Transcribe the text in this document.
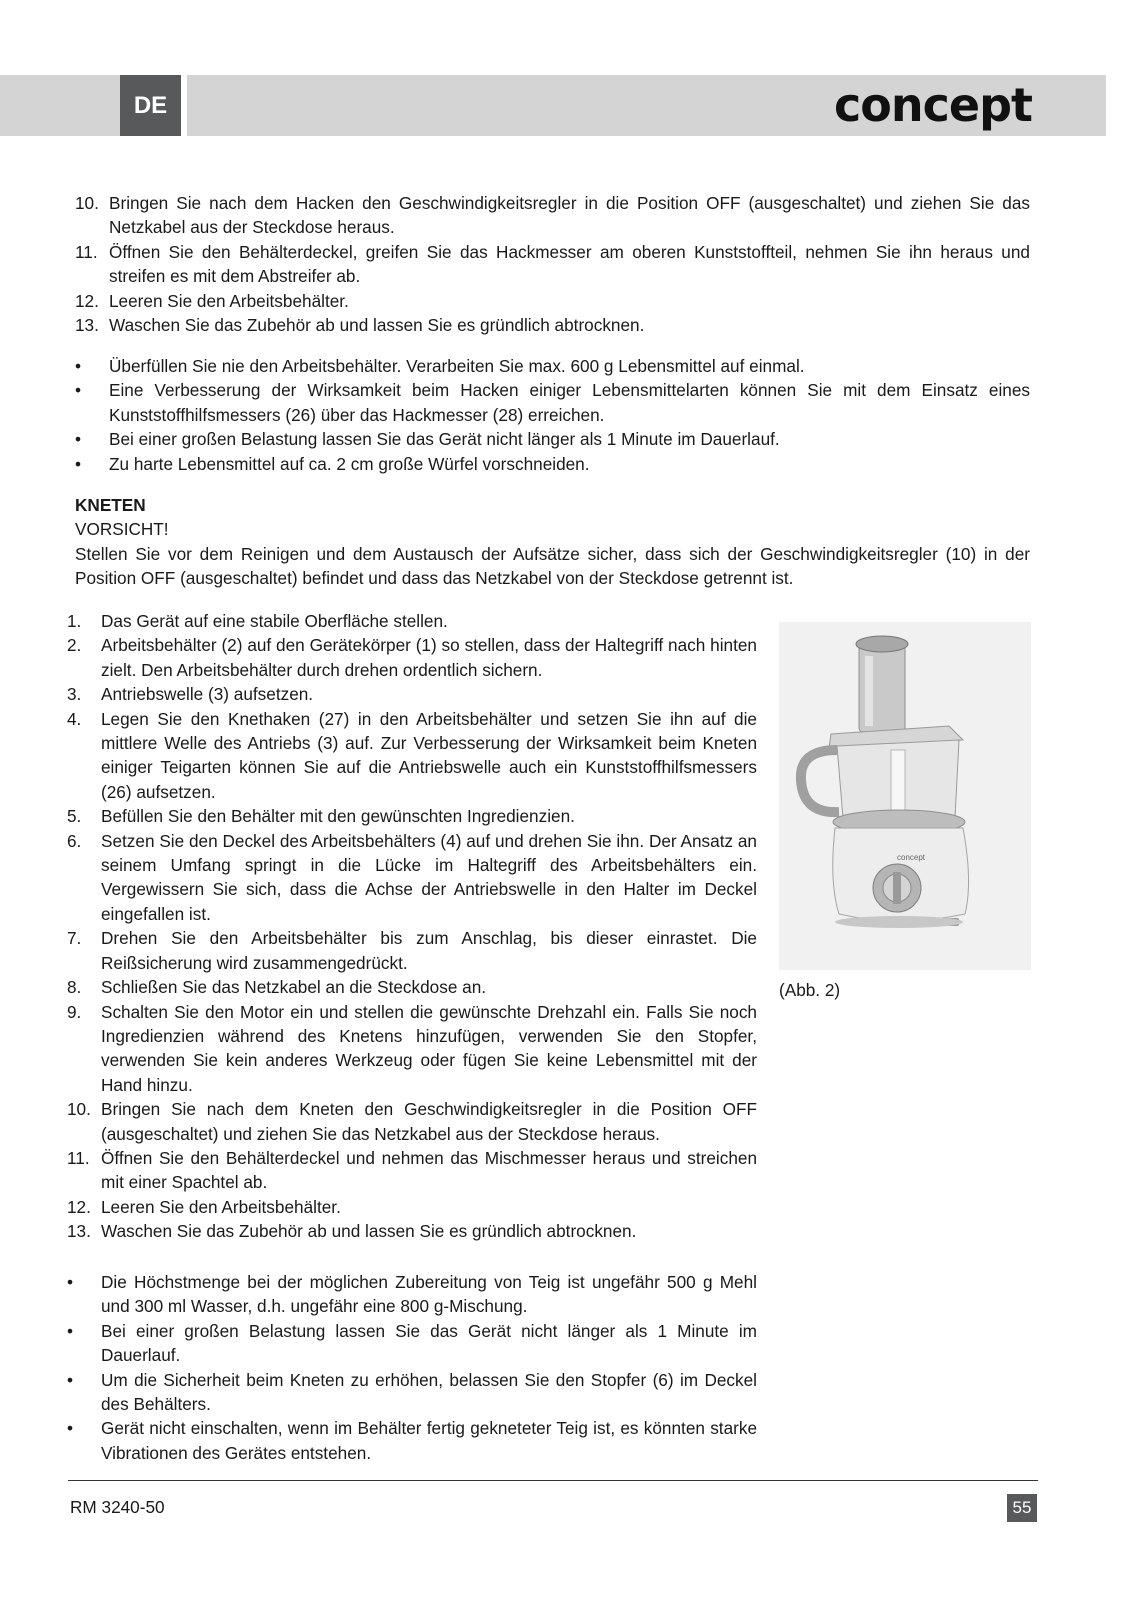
DE	concept
10. Bringen Sie nach dem Hacken den Geschwindigkeitsregler in die Position OFF (ausgeschaltet) und ziehen Sie das Netzkabel aus der Steckdose heraus.
11. Öffnen Sie den Behälterdeckel, greifen Sie das Hackmesser am oberen Kunststoffteil, nehmen Sie ihn heraus und streifen es mit dem Abstreifer ab.
12. Leeren Sie den Arbeitsbehälter.
13. Waschen Sie das Zubehör ab und lassen Sie es gründlich abtrocknen.
•	Überfüllen Sie nie den Arbeitsbehälter. Verarbeiten Sie max. 600 g Lebensmittel auf einmal.
•	Eine Verbesserung der Wirksamkeit beim Hacken einiger Lebensmittelarten können Sie mit dem Einsatz eines Kunststoffhilfsmessers (26) über das Hackmesser (28) erreichen.
•	Bei einer großen Belastung lassen Sie das Gerät nicht länger als 1 Minute im Dauerlauf.
•	Zu harte Lebensmittel auf ca. 2 cm große Würfel vorschneiden.
KNETEN
VORSICHT!
Stellen Sie vor dem Reinigen und dem Austausch der Aufsätze sicher, dass sich der Geschwindigkeitsregler (10) in der Position OFF (ausgeschaltet) befindet und dass das Netzkabel von der Steckdose getrennt ist.
1.	Das Gerät auf eine stabile Oberfläche stellen.
2.	Arbeitsbehälter (2) auf den Gerätekörper (1) so stellen, dass der Haltegriff nach hinten zielt. Den Arbeitsbehälter durch drehen ordentlich sichern.
3.	Antriebswelle (3) aufsetzen.
4.	Legen Sie den Knethaken (27) in den Arbeitsbehälter und setzen Sie ihn auf die mittlere Welle des Antriebs (3) auf. Zur Verbesserung der Wirksamkeit beim Kneten einiger Teigarten können Sie auf die Antriebswelle auch ein Kunststoffhilfsmessers (26) aufsetzen.
5.	Befüllen Sie den Behälter mit den gewünschten Ingredienzien.
6.	Setzen Sie den Deckel des Arbeitsbehälters (4) auf und drehen Sie ihn. Der Ansatz an seinem Umfang springt in die Lücke im Haltegriff des Arbeitsbehälters ein. Vergewissern Sie sich, dass die Achse der Antriebswelle in den Halter im Deckel eingefallen ist.
7.	Drehen Sie den Arbeitsbehälter bis zum Anschlag, bis dieser einrastet. Die Reißsicherung wird zusammengedrückt.
8.	Schließen Sie das Netzkabel an die Steckdose an.
9.	Schalten Sie den Motor ein und stellen die gewünschte Drehzahl ein. Falls Sie noch Ingredienzien während des Knetens hinzufügen, verwenden Sie den Stopfer, verwenden Sie kein anderes Werkzeug oder fügen Sie keine Lebensmittel mit der Hand hinzu.
10. Bringen Sie nach dem Kneten den Geschwindigkeitsregler in die Position OFF (ausgeschaltet) und ziehen Sie das Netzkabel aus der Steckdose heraus.
11. Öffnen Sie den Behälterdeckel und nehmen das Mischmesser heraus und streichen mit einer Spachtel ab.
12. Leeren Sie den Arbeitsbehälter.
13. Waschen Sie das Zubehör ab und lassen Sie es gründlich abtrocknen.
•	Die Höchstmenge bei der möglichen Zubereitung von Teig ist ungefähr 500 g Mehl und 300 ml Wasser, d.h. ungefähr eine 800 g-Mischung.
•	Bei einer großen Belastung lassen Sie das Gerät nicht länger als 1 Minute im Dauerlauf.
•	Um die Sicherheit beim Kneten zu erhöhen, belassen Sie den Stopfer (6) im Deckel des Behälters.
•	Gerät nicht einschalten, wenn im Behälter fertig gekneteter Teig ist, es könnten starke Vibrationen des Gerätes entstehen.
concept
(Abb. 2)
RM 3240-50	55
